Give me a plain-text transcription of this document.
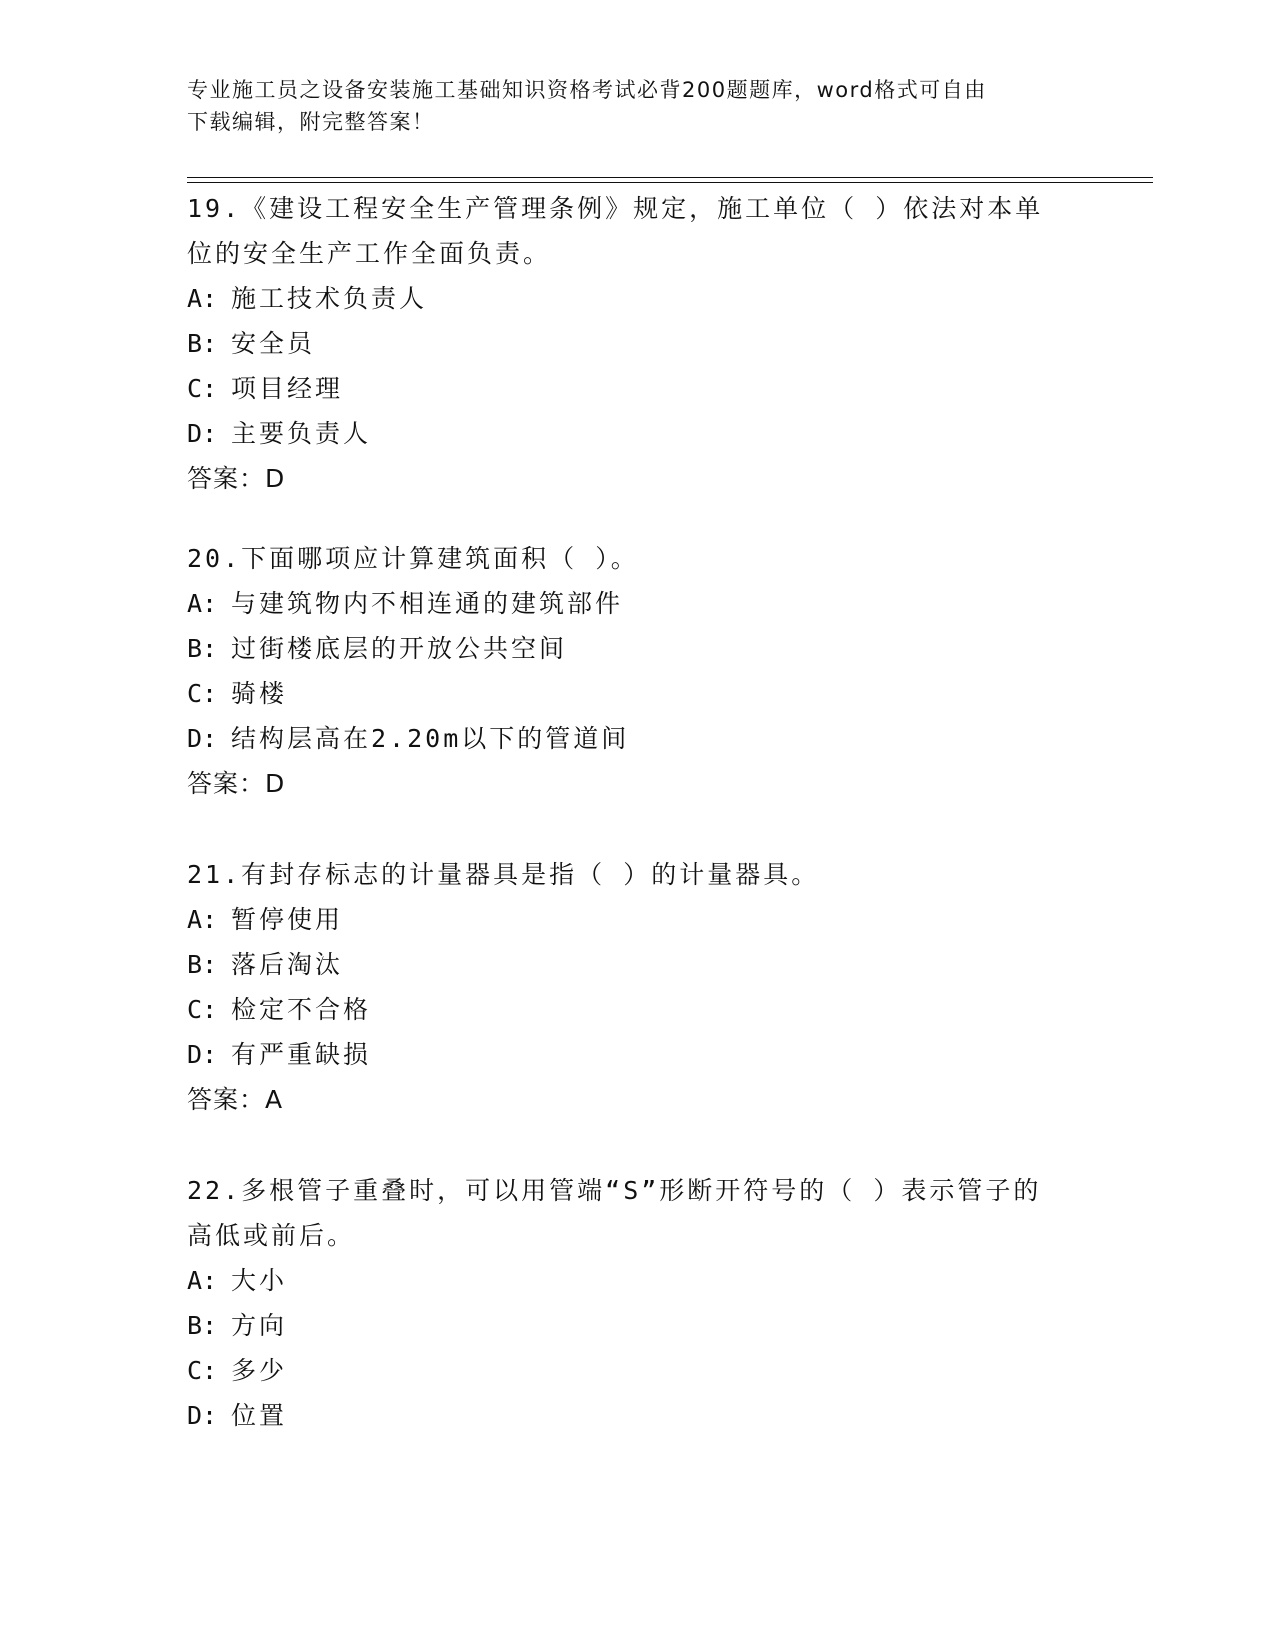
专业施工员之设备安装施工基础知识资格考试必背200题题库，word格式可自由
下载编辑，附完整答案！
19.《建设工程安全生产管理条例》规定，施工单位（ ）依法对本单
位的安全生产工作全面负责。
A: 施工技术负责人
B: 安全员
C: 项目经理
D: 主要负责人
答案：D
20.下面哪项应计算建筑面积（ ）。
A: 与建筑物内不相连通的建筑部件
B: 过街楼底层的开放公共空间
C: 骑楼
D: 结构层高在2.20m以下的管道间
答案：D
21.有封存标志的计量器具是指（ ）的计量器具。
A: 暂停使用
B: 落后淘汰
C: 检定不合格
D: 有严重缺损
答案：A
22.多根管子重叠时，可以用管端“S”形断开符号的（ ）表示管子的
高低或前后。
A: 大小
B: 方向
C: 多少
D: 位置
